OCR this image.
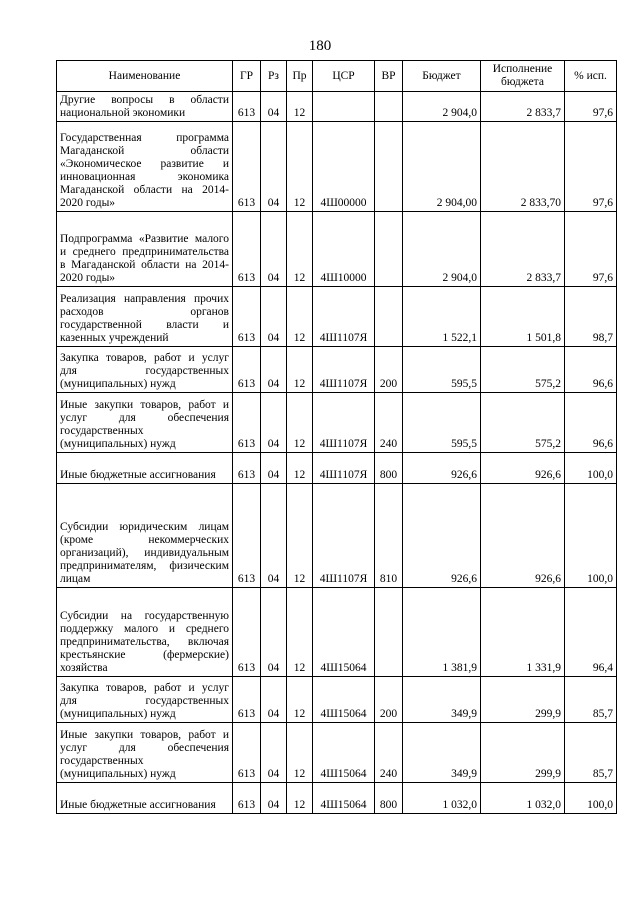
180
Наименование	ГР	Рз	Пр	ЦСР	ВР	Бюджет	Исполнение бюджета	% исп.
Другие вопросы в области национальной экономики	613	04	12			2 904,0	2 833,7	97,6
Государственная программа Магаданской области «Экономическое развитие и инновационная экономика Магаданской области на 2014-2020 годы»	613	04	12	4Ш00000		2 904,00	2 833,70	97,6
Подпрограмма «Развитие малого и среднего предпринимательства в Магаданской области на 2014-2020 годы»	613	04	12	4Ш10000		2 904,0	2 833,7	97,6
Реализация направления прочих расходов органов государственной власти и казенных учреждений	613	04	12	4Ш1107Я		1 522,1	1 501,8	98,7
Закупка товаров, работ и услуг для государственных (муниципальных) нужд	613	04	12	4Ш1107Я	200	595,5	575,2	96,6
Иные закупки товаров, работ и услуг для обеспечения государственных (муниципальных) нужд	613	04	12	4Ш1107Я	240	595,5	575,2	96,6
Иные бюджетные ассигнования	613	04	12	4Ш1107Я	800	926,6	926,6	100,0
Субсидии юридическим лицам (кроме некоммерческих организаций), индивидуальным предпринимателям, физическим лицам	613	04	12	4Ш1107Я	810	926,6	926,6	100,0
Субсидии на государственную поддержку малого и среднего предпринимательства, включая крестьянские (фермерские) хозяйства	613	04	12	4Ш15064		1 381,9	1 331,9	96,4
Закупка товаров, работ и услуг для государственных (муниципальных) нужд	613	04	12	4Ш15064	200	349,9	299,9	85,7
Иные закупки товаров, работ и услуг для обеспечения государственных (муниципальных) нужд	613	04	12	4Ш15064	240	349,9	299,9	85,7
Иные бюджетные ассигнования	613	04	12	4Ш15064	800	1 032,0	1 032,0	100,0
